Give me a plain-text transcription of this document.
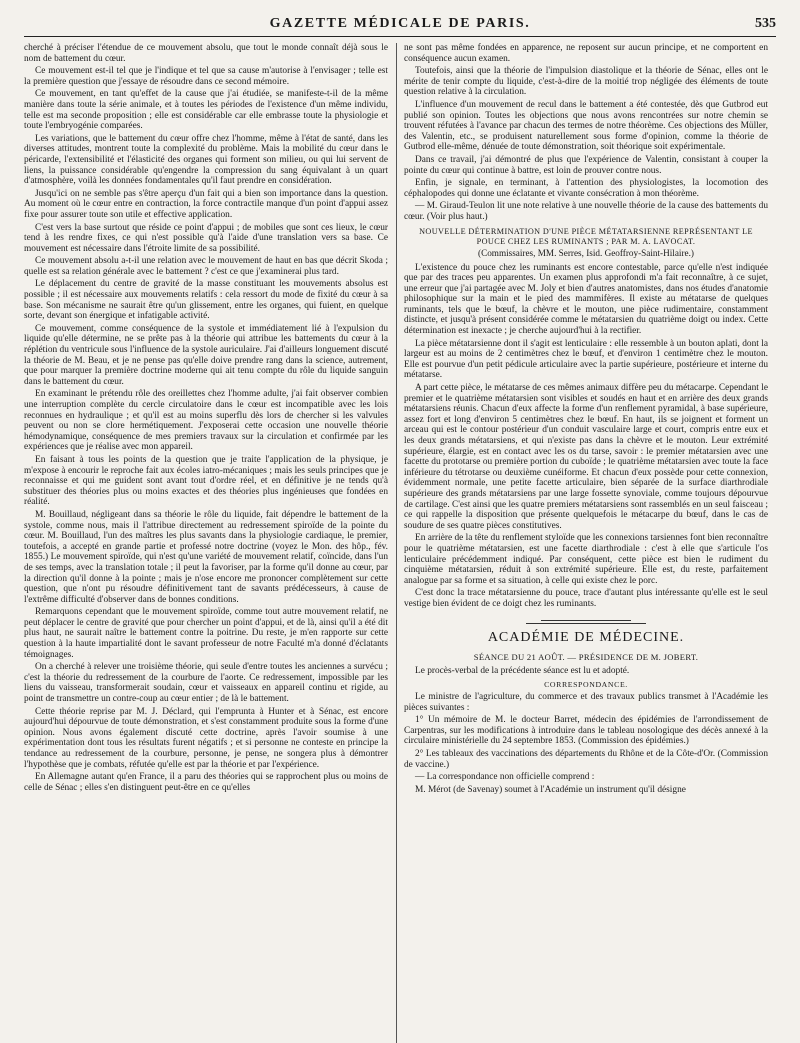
GAZETTE MÉDICALE DE PARIS.	535

cherché à préciser l'étendue de ce mouvement absolu, que tout le monde connaît déjà sous le nom de battement du cœur.

Ce mouvement est-il tel que je l'indique et tel que sa cause m'autorise à l'envisager ; telle est la première question que j'essaye de résoudre dans ce second mémoire.

Ce mouvement, en tant qu'effet de la cause que j'ai étudiée, se manifeste-t-il de la même manière dans toute la série animale, et à toutes les périodes de l'existence d'un même individu, telle est ma seconde proposition ; elle est considérable car elle embrasse toute la physiologie et toute l'embryogénie comparées.

Les variations, que le battement du cœur offre chez l'homme, même à l'état de santé, dans les diverses attitudes, montrent toute la complexité du problème. Mais la mobilité du cœur dans le péricarde, l'extensibilité et l'élasticité des organes qui forment son milieu, ou qui lui servent de liens, la puissance considérable qu'engendre la compression du sang équivalant à un quart d'atmosphère, voilà les données fondamentales qu'il faut prendre en considération.

Jusqu'ici on ne semble pas s'être aperçu d'un fait qui a bien son importance dans la question. Au moment où le cœur entre en contraction, la force contractile manque d'un point d'appui assez fixe pour assurer toute son utile et effective application.

C'est vers la base surtout que réside ce point d'appui ; de mobiles que sont ces lieux, le cœur tend à les rendre fixes, ce qui n'est possible qu'à l'aide d'une translation vers sa base. Ce mouvement est nécessaire dans l'étroite limite de sa possibilité.

Ce mouvement absolu a-t-il une relation avec le mouvement de haut en bas que décrit Skoda ; quelle est sa relation générale avec le battement ? c'est ce que j'examinerai plus tard.

Le déplacement du centre de gravité de la masse constituant les mouvements absolus est possible ; il est nécessaire aux mouvements relatifs : cela ressort du mode de fixité du cœur à sa base. Son mécanisme ne saurait être qu'un glissement, entre les organes, qui fuient, en quelque sorte, devant son énergique et infatigable activité.

Ce mouvement, comme conséquence de la systole et immédiatement lié à l'expulsion du liquide qu'elle détermine, ne se prête pas à la théorie qui attribue les battements du cœur à la réplétion du ventricule sous l'influence de la systole auriculaire. J'ai d'ailleurs longuement discuté la théorie de M. Beau, et je ne pense pas qu'elle doive prendre rang dans la science, autrement, que pour marquer la première doctrine moderne qui ait tenu compte du rôle du liquide sanguin dans le battement du cœur.

En examinant le prétendu rôle des oreillettes chez l'homme adulte, j'ai fait observer combien une interruption complète du cercle circulatoire dans le cœur est incompatible avec les lois reconnues en hydraulique ; et qu'il est au moins superflu dès lors de chercher si les valvules peuvent ou non se clore hermétiquement. J'exposerai cette occasion une nouvelle théorie hémodynamique, conséquence de mes premiers travaux sur la circulation et confirmée par les expériences que je réalise avec mon appareil.

En faisant à tous les points de la question que je traite l'application de la physique, je m'expose à encourir le reproche fait aux écoles iatro-mécaniques ; mais les seuls principes que je reconnaisse et qui me guident sont avant tout d'ordre réel, et en définitive je ne tends qu'à substituer des théories plus ou moins exactes et des théories plus ingénieuses que fondées en réalité.

M. Bouillaud, négligeant dans sa théorie le rôle du liquide, fait dépendre le battement de la systole, comme nous, mais il l'attribue directement au redressement spiroïde de la pointe du cœur. M. Bouillaud, l'un des maîtres les plus savants dans la physiologie cardiaque, le premier, toutefois, a accepté en grande partie et professé notre doctrine (voyez le Mon. des hôp., fév. 1855.) Le mouvement spiroïde, qui n'est qu'une variété de mouvement relatif, coïncide, dans l'un de ses temps, avec la translation totale ; il peut la favoriser, par la forme qu'il donne au cœur, par la direction qu'il donne à la pointe ; mais je n'ose encore me prononcer complètement sur cette question, que n'ont pu résoudre définitivement tant de savants prédécesseurs, à cause de l'extrême difficulté d'observer dans de bonnes conditions.

Remarquons cependant que le mouvement spiroïde, comme tout autre mouvement relatif, ne peut déplacer le centre de gravité que pour chercher un point d'appui, et de là, ainsi qu'il a été dit plus haut, ne saurait naître le battement contre la poitrine. Du reste, je m'en rapporte sur cette question à la haute impartialité dont le savant professeur de notre Faculté m'a donné d'éclatants témoignages.

On a cherché à relever une troisième théorie, qui seule d'entre toutes les anciennes a survécu ; c'est la théorie du redressement de la courbure de l'aorte. Ce redressement, impossible par les liens du vaisseau, transformerait soudain, cœur et vaisseaux en appareil continu et rigide, au point de transmettre un contre-coup au cœur entier ; de là le battement.

Cette théorie reprise par M. J. Déclard, qui l'emprunta à Hunter et à Sénac, est encore aujourd'hui dépourvue de toute démonstration, et s'est constamment produite sous la forme d'une opinion. Nous avons également discuté cette doctrine, après l'avoir soumise à une expérimentation dont tous les résultats furent négatifs ; et si personne ne conteste en principe la tendance au redressement de la courbure, personne, je pense, ne songera plus à démontrer l'hypothèse que je combats, réfutée qu'elle est par la théorie et par l'expérience.

En Allemagne autant qu'en France, il a paru des théories qui se rapprochent plus ou moins de celle de Sénac ; elles s'en distinguent peut-être en ce qu'elles

ne sont pas même fondées en apparence, ne reposent sur aucun principe, et ne comportent en conséquence aucun examen.

Toutefois, ainsi que la théorie de l'impulsion diastolique et la théorie de Sénac, elles ont le mérite de tenir compte du liquide, c'est-à-dire de la moitié trop négligée des éléments de toute question relative à la circulation.

L'influence d'un mouvement de recul dans le battement a été contestée, dès que Gutbrod eut publié son opinion. Toutes les objections que nous avons rencontrées sur notre chemin se trouvent réfutées à l'avance par chacun des termes de notre théorème. Ces objections des Müller, des Valentin, etc., se produisent naturellement sous forme d'opinion, comme la théorie de Gutbrod elle-même, dénuée de toute démonstration, soit théorique soit expérimentale.

Dans ce travail, j'ai démontré de plus que l'expérience de Valentin, consistant à couper la pointe du cœur qui continue à battre, est loin de prouver contre nous.

Enfin, je signale, en terminant, à l'attention des physiologistes, la locomotion des céphalopodes qui donne une éclatante et vivante consécration à mon théorème.

— M. Giraud-Teulon lit une note relative à une nouvelle théorie de la cause des battements du cœur. (Voir plus haut.)

NOUVELLE DÉTERMINATION D'UNE PIÈCE MÉTATARSIENNE REPRÉSENTANT LE POUCE CHEZ LES RUMINANTS ; PAR M. A. LAVOCAT.
(Commissaires, MM. Serres, Isid. Geoffroy-Saint-Hilaire.)

L'existence du pouce chez les ruminants est encore contestable, parce qu'elle n'est indiquée que par des traces peu apparentes. Un examen plus approfondi m'a fait reconnaître, à ce sujet, une erreur que j'ai partagée avec M. Joly et bien d'autres anatomistes, dans nos études d'anatomie philosophique sur la main et le pied des mammifères. Il existe au métatarse de quelques ruminants, tels que le bœuf, la chèvre et le mouton, une pièce rudimentaire, constamment distincte, et jusqu'à présent considérée comme le métatarsien du quatrième doigt ou index. Cette détermination est inexacte ; je cherche aujourd'hui à la rectifier.

La pièce métatarsienne dont il s'agit est lenticulaire : elle ressemble à un bouton aplati, dont la largeur est au moins de 2 centimètres chez le bœuf, et d'environ 1 centimètre chez le mouton. Elle est pourvue d'un petit pédicule articulaire avec la partie supérieure, postérieure et interne du métatarse.

A part cette pièce, le métatarse de ces mêmes animaux diffère peu du métacarpe. Cependant le premier et le quatrième métatarsien sont visibles et soudés en haut et en arrière des deux grands métatarsiens réunis. Chacun d'eux affecte la forme d'un renflement pyramidal, à base supérieure, assez fort et long d'environ 5 centimètres chez le bœuf. En haut, ils se joignent et forment un arceau qui est le contour postérieur d'un conduit vasculaire large et court, compris entre eux et les deux grands métatarsiens, et qui n'existe pas dans la chèvre et le mouton. Leur extrémité supérieure, élargie, est en contact avec les os du tarse, savoir : le premier métatarsien avec une facette du prototarse ou première portion du cuboïde ; le quatrième métatarsien avec toute la face inférieure du tétrotarse ou deuxième cunéiforme. Et chacun d'eux possède pour cette connexion, évidemment normale, une petite facette articulaire, bien séparée de la surface diarthrodiale supérieure des grands métatarsiens par une large fossette synoviale, comme toujours dépourvue de cartilage. C'est ainsi que les quatre premiers métatarsiens sont rassemblés en un seul faisceau ; ce qui rappelle la disposition que présente quelquefois le métacarpe du bœuf, dans le cas de soudure de ses quatre pièces constitutives.

En arrière de la tête du renflement styloïde que les connexions tarsiennes font bien reconnaître pour le quatrième métatarsien, est une facette diarthrodiale : c'est à elle que s'articule l'os lenticulaire précédemment indiqué. Par conséquent, cette pièce est bien le rudiment du cinquième métatarsien, réduit à son extrémité supérieure. Elle est, du reste, parfaitement analogue par sa forme et sa situation, à celle qui existe chez le porc.

C'est donc la trace métatarsienne du pouce, trace d'autant plus intéressante qu'elle est le seul vestige bien évident de ce doigt chez les ruminants.

ACADÉMIE DE MÉDECINE.
SÉANCE DU 21 AOÛT. — PRÉSIDENCE DE M. JOBERT.

Le procès-verbal de la précédente séance est lu et adopté.

CORRESPONDANCE.

Le ministre de l'agriculture, du commerce et des travaux publics transmet à l'Académie les pièces suivantes :

1° Un mémoire de M. le docteur Barret, médecin des épidémies de l'arrondissement de Carpentras, sur les modifications à introduire dans le tableau nosologique des décès annexé à la circulaire ministérielle du 24 septembre 1853. (Commission des épidémies.)

2° Les tableaux des vaccinations des départements du Rhône et de la Côte-d'Or. (Commission de vaccine.)

— La correspondance non officielle comprend :

M. Mérot (de Savenay) soumet à l'Académie un instrument qu'il désigne
